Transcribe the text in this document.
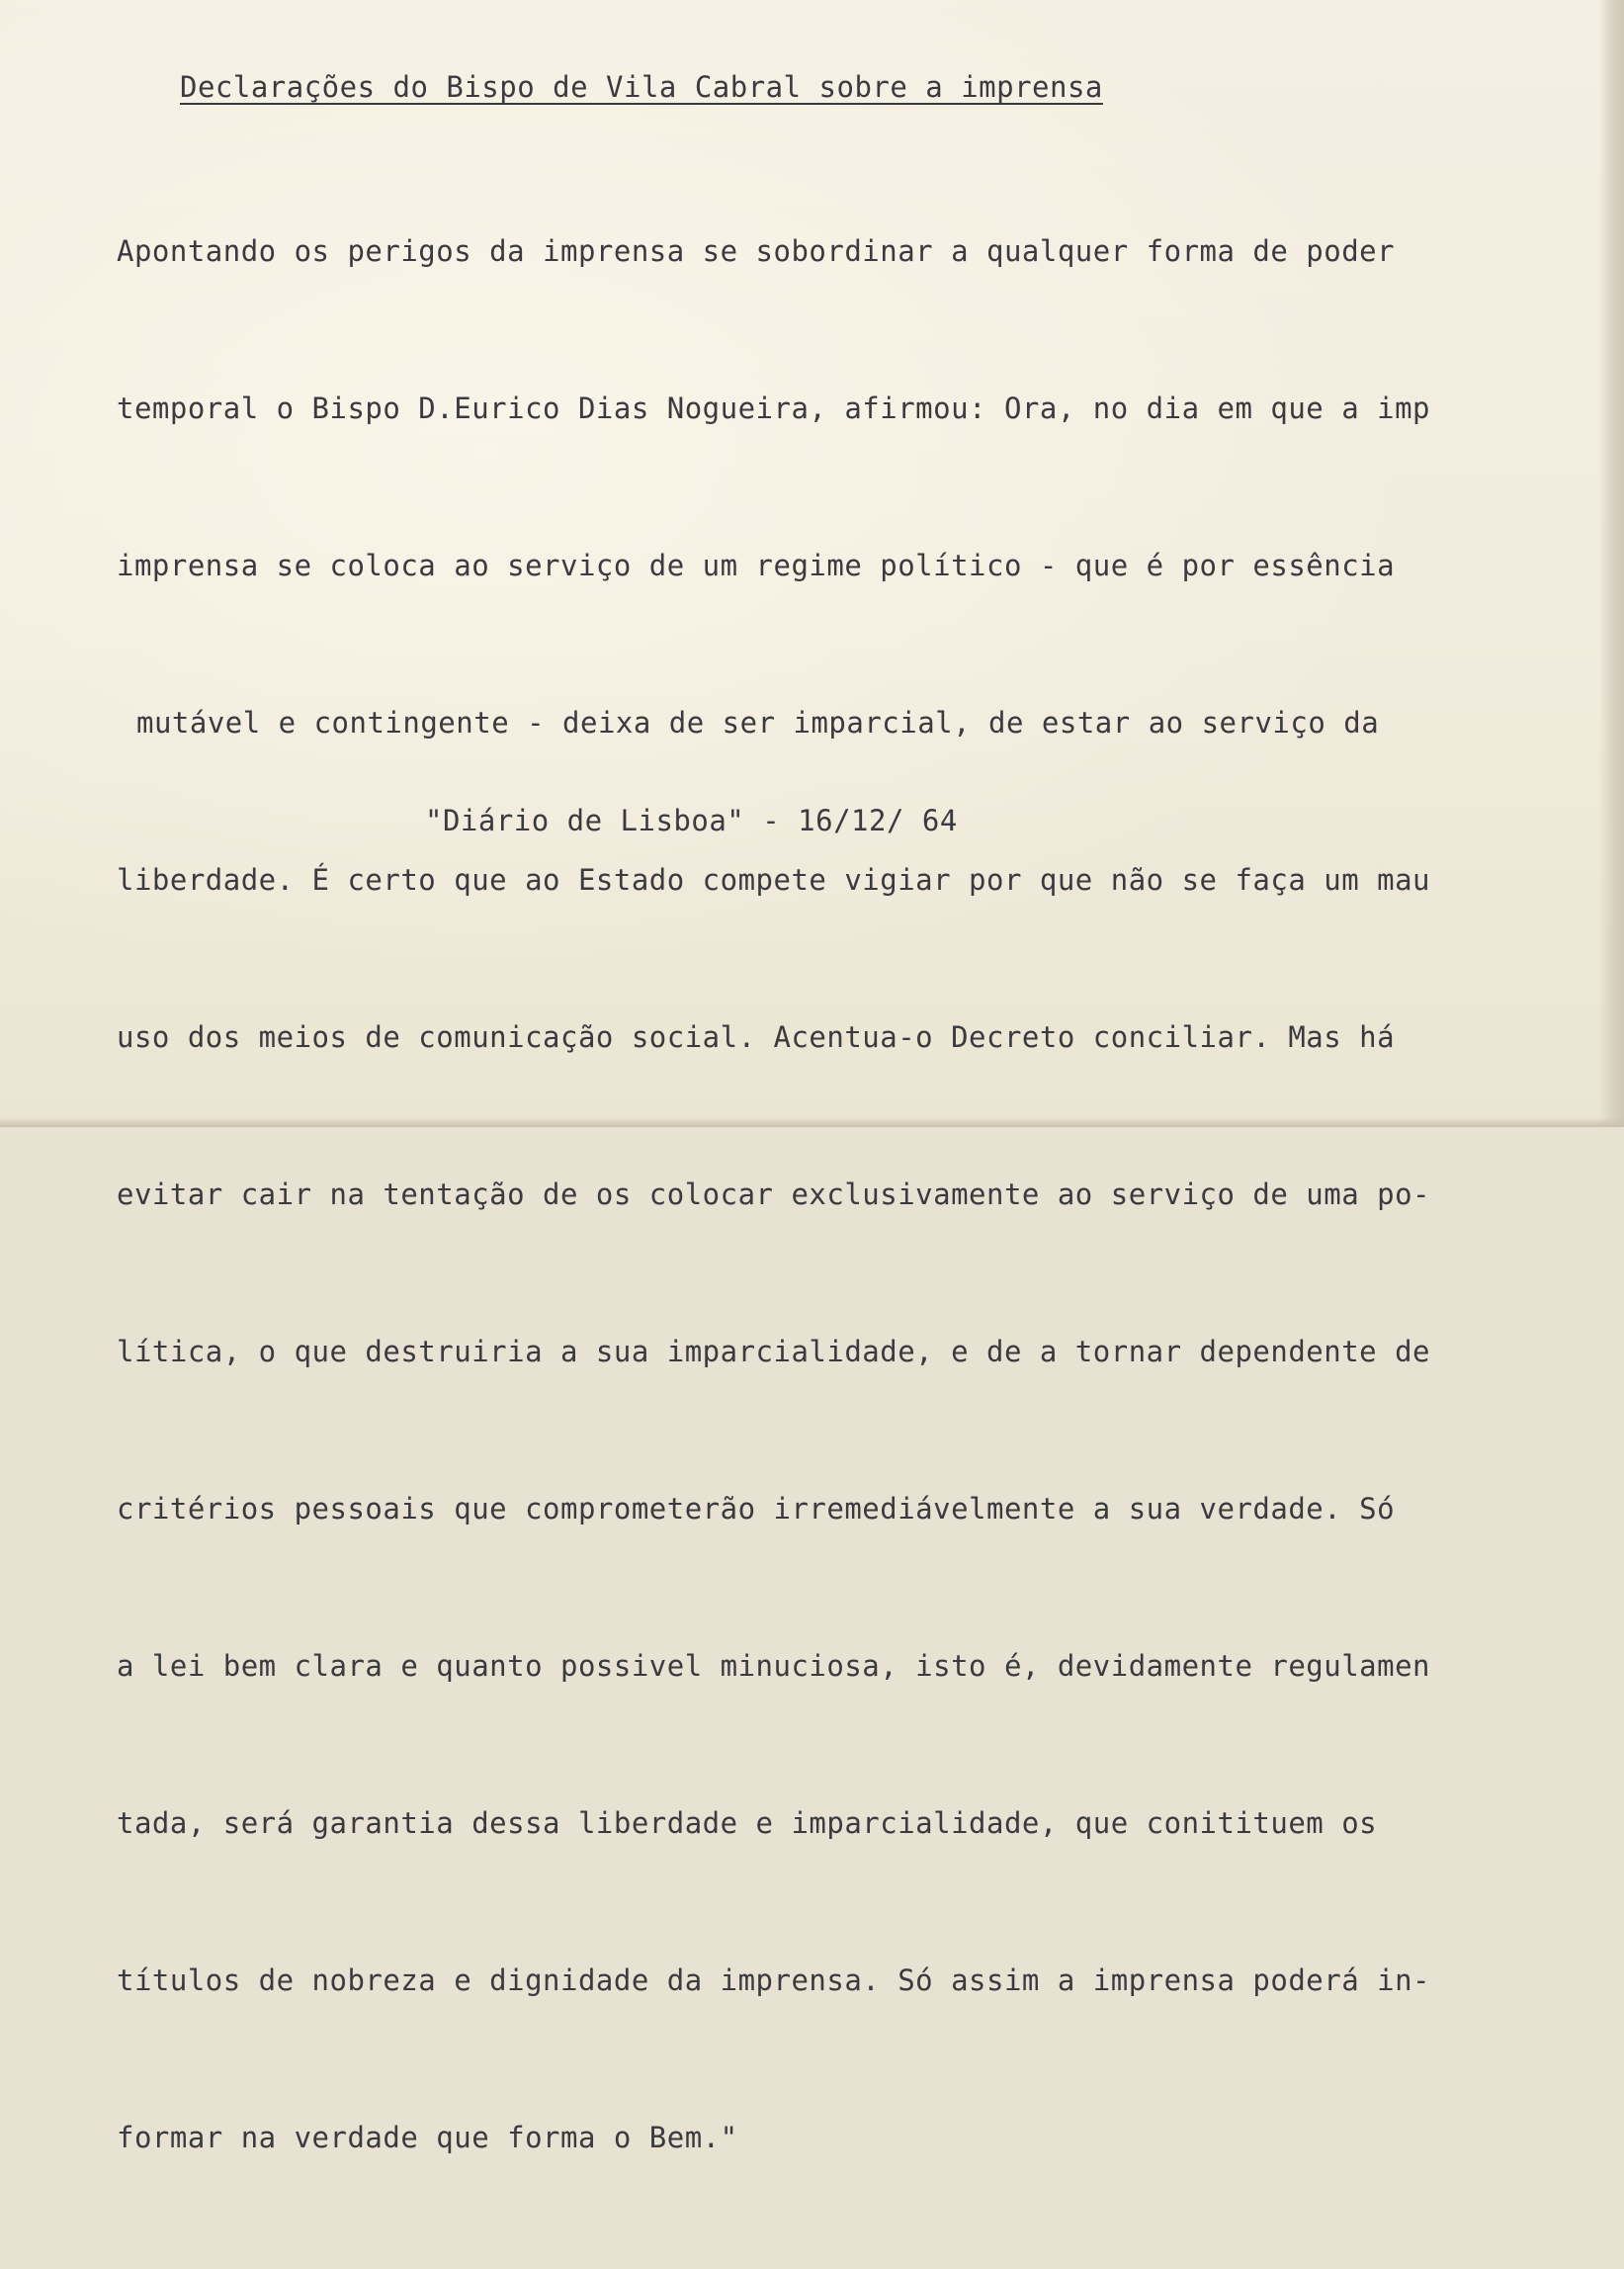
Declarações do Bispo de Vila Cabral sobre a imprensa

Apontando os perigos da imprensa se sobordinar a qualquer forma de poder

temporal o Bispo D.Eurico Dias Nogueira, afirmou: Ora, no dia em que a imp

imprensa se coloca ao serviço de um regime político - que é por essência

mutável e contingente - deixa de ser imparcial, de estar ao serviço da

liberdade. É certo que ao Estado compete vigiar por que não se faça um mau

uso dos meios de comunicação social. Acentua-o Decreto conciliar. Mas há

evitar cair na tentação de os colocar exclusivamente ao serviço de uma po-

lítica, o que destruiria a sua imparcialidade, e de a tornar dependente de

critérios pessoais que comprometerão irremediávelmente a sua verdade. Só

a lei bem clara e quanto possivel minuciosa, isto é, devidamente regulamen

tada, será garantia dessa liberdade e imparcialidade, que conitituem os

títulos de nobreza e dignidade da imprensa. Só assim a imprensa poderá in-

formar na verdade que forma o Bem."

"Diário de Lisboa" - 16/12/ 64
